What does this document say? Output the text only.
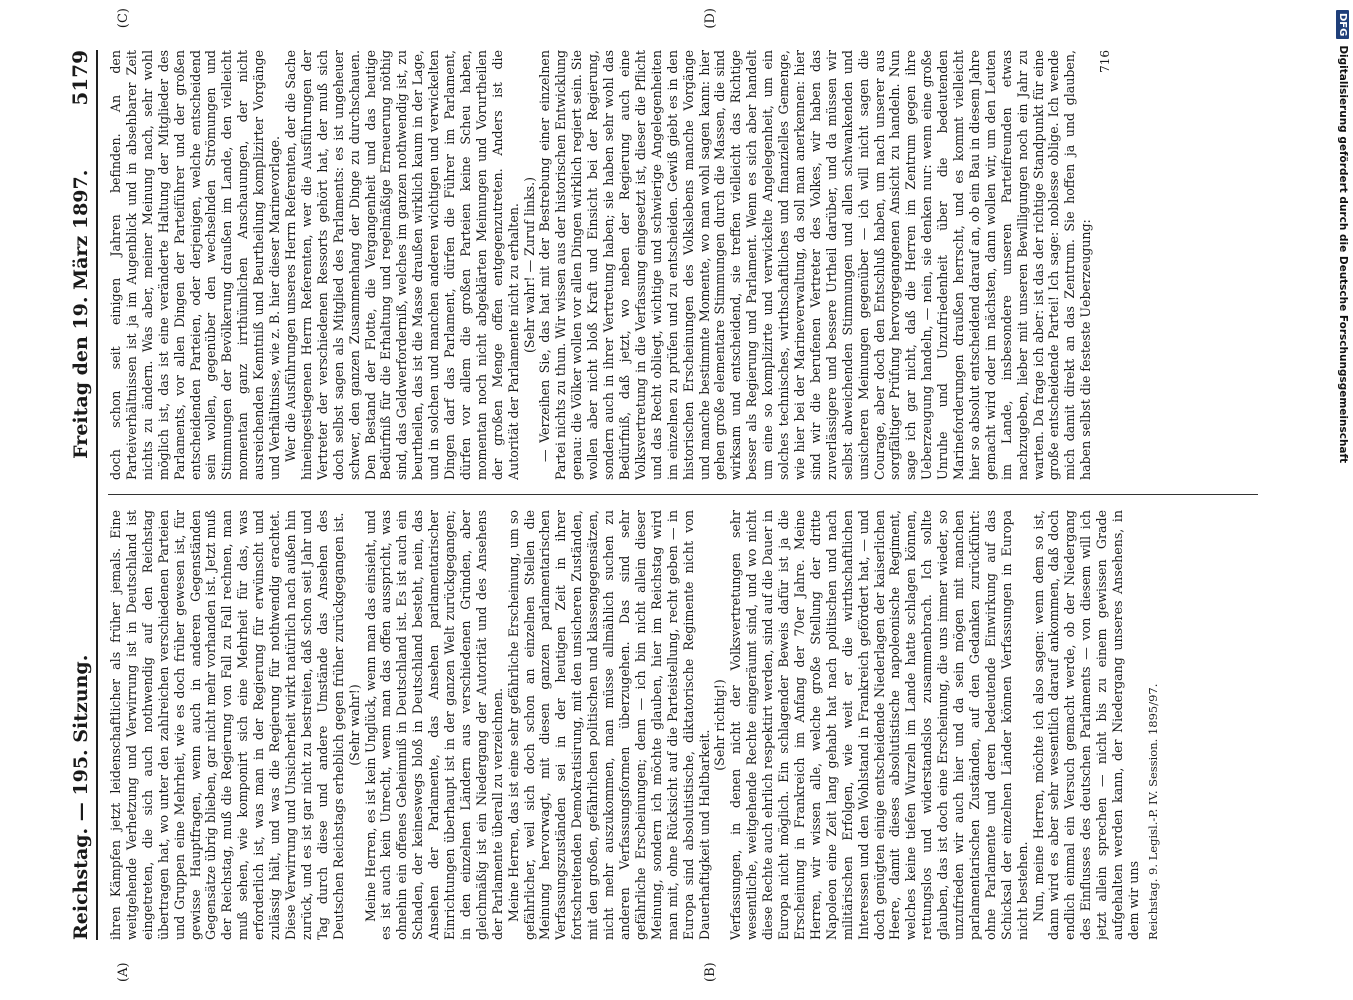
Reichstag. — 195. Sitzung.
Freitag den 19. März 1897.
5179
(A)	(B)

ihren Kämpfen jetzt leidenschaftlicher als früher jemals. Eine weitgehende Verhetzung und Verwirrung ist in Deutschland ist eingetreten, die sich auch nothwendig auf den Reichstag übertragen hat, wo unter den zahlreichen verschiedenen Parteien und Gruppen eine Mehrheit, wie es doch früher gewesen ist, für gewisse Hauptfragen, wenn auch in anderen Gegenständen Gegensätze übrig blieben, gar nicht mehr vorhanden ist. Jetzt muß der Reichstag, muß die Regierung von Fall zu Fall rechnen, man muß sehen, wie komponirt sich eine Mehrheit für das, was erforderlich ist, was man in der Regierung für erwünscht und zulässig hält, und was die Regierung für nothwendig erachtet. Diese Verwirrung und Unsicherheit wirkt natürlich nach außen hin zurück, und es ist gar nicht zu bestreiten, daß schon seit Jahr und Tag durch diese und andere Umstände das Ansehen des Deutschen Reichstags erheblich gegen früher zurückgegangen ist. (Sehr wahr!) Meine Herren, es ist kein Unglück, wenn man das einsieht, und es ist auch kein Unrecht, wenn man das offen ausspricht, was ohnehin ein offenes Geheimniß in Deutschland ist. Es ist auch ein Schaden, der keineswegs bloß in Deutschland besteht, nein, das Ansehen der Parlamente, das Ansehen parlamentarischer Einrichtungen überhaupt ist in der ganzen Welt zurückgegangen; in den einzelnen Ländern aus verschiedenen Gründen, aber gleichmäßig ist ein Niedergang der Autorität und des Ansehens der Parlamente überall zu verzeichnen. Meine Herren, das ist eine sehr gefährliche Erscheinung, um so gefährlicher, weil sich doch schon an einzelnen Stellen die Meinung hervorwagt, mit diesen ganzen parlamentarischen Verfassungszuständen sei in der heutigen Zeit in ihrer fortschreitenden Demokratisirung, mit den unsicheren Zuständen, mit den großen, gefährlichen politischen und klassengegensätzen, nicht mehr auszukommen, man müsse allmählich suchen zu anderen Verfassungsformen überzugehen. Das sind sehr gefährliche Erscheinungen; denn — ich bin nicht allein dieser Meinung, sondern ich möchte glauben, hier im Reichstag wird man mit, ohne Rücksicht auf die Parteistellung, recht geben — in Europa sind absolutistische, diktatorische Regimente nicht von Dauerhaftigkeit und Haltbarkeit.

(Sehr richtig!) Verfassungen, in denen nicht der Volksvertretungen sehr wesentliche, weitgehende Rechte eingeräumt sind, und wo nicht diese Rechte auch ehrlich respektirt werden, sind auf die Dauer in Europa nicht möglich. Ein schlagender Beweis dafür ist ja die Erscheinung in Frankreich im Anfang der 70er Jahre. Meine Herren, wir wissen alle, welche große Stellung der dritte Napoleon eine Zeit lang gehabt hat nach politischen und nach militärischen Erfolgen, wie weit er die wirthschaftlichen Interessen und den Wohlstand in Frankreich gefördert hat, — und doch genügten einige entscheidende Niederlagen der kaiserlichen Heere, damit dieses absolutistische napoleonische Regiment, welches keine tiefen Wurzeln im Lande hatte schlagen können, rettungslos und widerstandslos zusammenbrach. Ich sollte glauben, das ist doch eine Erscheinung, die uns immer wieder, so unzufrieden wir auch hier und da sein mögen mit manchen parlamentarischen Zuständen, auf den Gedanken zurückführt: ohne Parlamente und deren bedeutende Einwirkung auf das Schicksal der einzelnen Länder können Verfassungen in Europa nicht bestehen. Nun, meine Herren, möchte ich also sagen: wenn dem so ist, dann wird es aber sehr wesentlich darauf ankommen, daß doch endlich einmal ein Versuch gemacht werde, ob der Niedergang des Einflusses des deutschen Parlaments — von diesem will ich jetzt allein sprechen — nicht bis zu einem gewissen Grade aufgehalten werden kann, der Niedergang unseres Ansehens, in dem wir uns Reichstag. 9. Legisl.-P. IV. Session. 1895/97.
(C)	(D)

doch schon seit einigen Jahren befinden. An den Parteiverhältnissen ist ja im Augenblick und in absehbarer Zeit nichts zu ändern. Was aber, meiner Meinung nach, sehr wohl möglich ist, das ist eine veränderte Haltung der Mitglieder des Parlaments, vor allen Dingen der Parteiführer und der großen entscheidenden Parteien, oder derjenigen, welche entscheidend sein wollen, gegenüber den wechselnden Strömungen und Stimmungen der Bevölkerung draußen im Lande, den vielleicht momentan ganz irrthümlichen Anschauungen, der nicht ausreichenden Kenntniß und Beurtheilung komplizirter Vorgänge und Verhältnisse, wie z. B. hier dieser Marinevorlage. Wer die Ausführungen unseres Herrn Referenten, der die Sache hineingestiegenen Herrn Referenten, wer die Ausführungen der Vertreter der verschiedenen Ressorts gehört hat, der muß sich doch selbst sagen als Mitglied des Parlaments: es ist ungeheuer schwer, den ganzen Zusammenhang der Dinge zu durchschauen. Den Bestand der Flotte, die Vergangenheit und das heutige Bedürfniß für die Erhaltung und regelmäßige Erneuerung nöthig sind, das Geldwerforderniß, welches im ganzen nothwendig ist, zu beurtheilen, das ist die Masse draußen wirklich kaum in der Lage, und in solchen und manchen anderen wichtigen und verwickelten Dingen darf das Parlament, dürfen die Führer im Parlament, dürfen vor allem die großen Parteien keine Scheu haben, momentan noch nicht abgeklärten Meinungen und Vorurtheilen der großen Menge offen entgegenzutreten. Anders ist die Autorität der Parlamente nicht zu erhalten. (Sehr wahr! — Zuruf links.) — Verzeihen Sie, das hat mit der Bestrebung einer einzelnen Partei nichts zu thun. Wir wissen aus der historischen Entwicklung genau: die Völker wollen vor allen Dingen wirklich regiert sein. Sie wollen aber nicht bloß Kraft und Einsicht bei der Regierung, sondern auch in ihrer Vertretung haben; sie haben sehr wohl das Bedürfniß, daß jetzt, wo neben der Regierung auch eine Volksvertretung in die Verfassung eingesetzt ist, dieser die Pflicht und das Recht obliegt, wichtige und schwierige Angelegenheiten im einzelnen zu prüfen und zu entscheiden. Gewiß giebt es in den historischen Erscheinungen des Volkslebens manche Vorgänge und manche bestimmte Momente, wo man wohl sagen kann: hier gehen große elementare Stimmungen durch die Massen, die sind wirksam und entscheidend, sie treffen vielleicht das Richtige besser als Regierung und Parlament. Wenn es sich aber handelt um eine so komplizirte und verwickelte Angelegenheit, um ein solches technisches, wirthschaftliches und finanzielles Gemenge, wie hier bei der Marineverwaltung, da soll man anerkennen: hier sind wir die berufenen Vertreter des Volkes, wir haben das zuverlässigere und bessere Urtheil darüber, und da müssen wir selbst abweichenden Stimmungen und allen schwankenden und unsicheren Meinungen gegenüber — ich will nicht sagen die Courage, aber doch den Entschluß haben, um nach unserer aus sorgfältiger Prüfung hervorgegangenen Ansicht zu handeln. Nun sage ich gar nicht, daß die Herren im Zentrum gegen ihre Ueberzeugung handeln, — nein, sie denken nur: wenn eine große Unruhe und Unzufriedenheit über die bedeutenden Marineforderungen draußen herrscht, und es kommt vielleicht hier so absolut entscheidend darauf an, ob ein Bau in diesem Jahre gemacht wird oder im nächsten, dann wollen wir, um den Leuten im Lande, insbesondere unseren Parteifreunden etwas nachzugeben, lieber mit unseren Bewilligungen noch ein Jahr zu warten. Da frage ich aber: ist das der richtige Standpunkt für eine große entscheidende Partei! Ich sage: noblesse oblige. Ich wende mich damit direkt an das Zentrum. Sie hoffen ja und glauben, haben selbst die festeste Ueberzeugung:

716
DFG
Digitalisierung gefördert durch die Deutsche Forschungsgemeinschaft
